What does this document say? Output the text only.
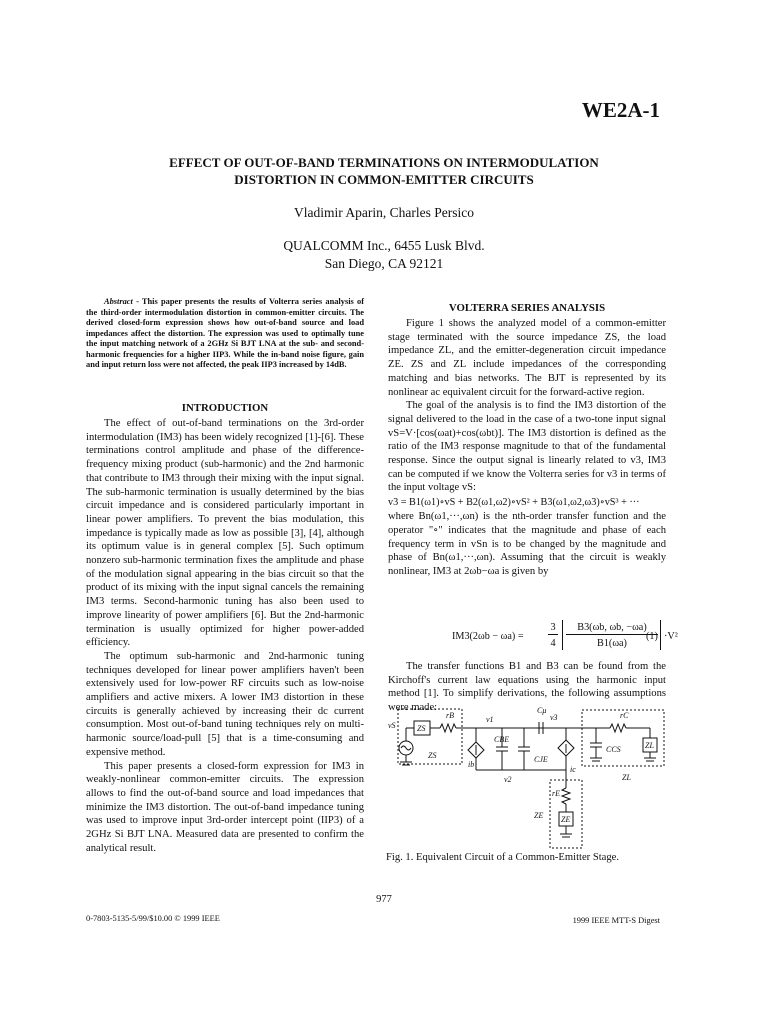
WE2A-1
EFFECT OF OUT-OF-BAND TERMINATIONS ON INTERMODULATION
DISTORTION IN COMMON-EMITTER CIRCUITS
Vladimir Aparin, Charles Persico
QUALCOMM Inc., 6455 Lusk Blvd.
San Diego, CA 92121
Abstract - This paper presents the results of Volterra series analysis of the third-order intermodulation distortion in common-emitter circuits. The derived closed-form expression shows how out-of-band source and load impedances affect the distortion. The expression was used to optimally tune the input matching network of a 2GHz Si BJT LNA at the sub- and second-harmonic frequencies for a higher IIP3. While the in-band noise figure, gain and input return loss were not affected, the peak IIP3 increased by 14dB.
INTRODUCTION

The effect of out-of-band terminations on the 3rd-order intermodulation (IM3) has been widely recognized [1]-[6]. These terminations control amplitude and phase of the difference-frequency mixing product (sub-harmonic) and the 2nd harmonic that contribute to IM3 through their mixing with the input signal. The sub-harmonic termination is usually determined by the bias circuit impedance and is considered particularly important in linear power amplifiers. To prevent the bias modulation, this impedance is typically made as low as possible [3], [4], although its optimum value is in general complex [5]. Such optimum nonzero sub-harmonic termination fixes the amplitude and phase of the modulation signal appearing in the bias circuit so that the product of its mixing with the input signal cancels the remaining IM3 terms. Second-harmonic tuning has also been used to improve linearity of power amplifiers [6]. But the 2nd-harmonic termination is usually optimized for higher power-added efficiency.

The optimum sub-harmonic and 2nd-harmonic tuning techniques developed for linear power amplifiers haven't been extensively used for low-power RF circuits such as low-noise amplifiers and active mixers. A lower IM3 distortion in these circuits is generally achieved by increasing their dc current consumption. Most out-of-band tuning techniques rely on multi-harmonic source/load-pull [5] that is a time-consuming and expensive method.

This paper presents a closed-form expression for IM3 in weakly-nonlinear common-emitter circuits. The expression allows to find the out-of-band source and load impedances that minimize the IM3 distortion. The out-of-band impedance tuning was used to improve input 3rd-order intercept point (IIP3) of a 2GHz Si BJT LNA. Measured data are presented to confirm the analytical result.

VOLTERRA SERIES ANALYSIS

Figure 1 shows the analyzed model of a common-emitter stage terminated with the source impedance ZS, the load impedance ZL, and the emitter-degeneration circuit impedance ZE. ZS and ZL include impedances of the corresponding matching and bias networks. The BJT is represented by its nonlinear ac equivalent circuit for the forward-active region.

The goal of the analysis is to find the IM3 distortion of the signal delivered to the load in the case of a two-tone input signal vS=V·[cos(ωat)+cos(ωbt)]. The IM3 distortion is defined as the ratio of the IM3 response magnitude to that of the fundamental response. Since the output signal is linearly related to v3, IM3 can be computed if we know the Volterra series for v3 in terms of the input voltage vS:

v3 = B1(ω1)∘vS + B2(ω1,ω2)∘vS² + B3(ω1,ω2,ω3)∘vS³ + ···

where Bn(ω1,···,ωn) is the nth-order transfer function and the operator "∘" indicates that the magnitude and phase of each frequency term in vSn is to be changed by the magnitude and phase of Bn(ω1,···,ωn). Assuming that the circuit is weakly nonlinear, IM3 at 2ωb−ωa is given by

IM3(2ωb − ωa) =
3
4
B3(ωb, ωb, −ωa)
B1(ωa)
·V²
(1)

The transfer functions B1 and B3 can be found from the Kirchoff's current law equations using the harmonic input method [1]. To simplify derivations, the following assumptions were made:

vS	ZS
ZS
rB	v1
Cμ
v3
ib
CBE
CJE
v2
ic
rC
CCS	ZL
ZL
rE
ZE
ZE
Fig. 1. Equivalent Circuit of a Common-Emitter Stage.
977
0-7803-5135-5/99/$10.00 © 1999 IEEE	1999 IEEE MTT-S Digest
